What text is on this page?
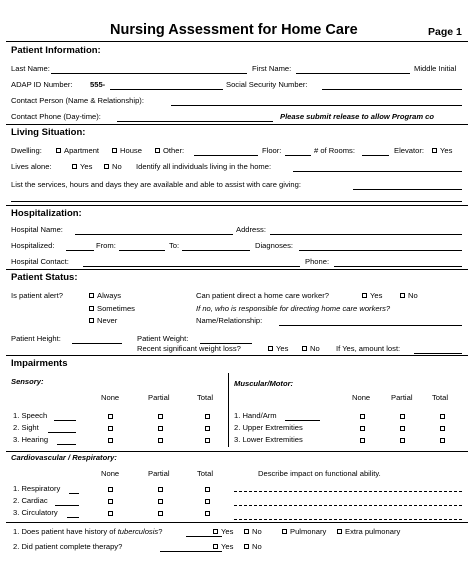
Nursing Assessment for Home Care	Page 1
Patient Information:
Last Name:	First Name:	Middle Initial
ADAP ID Number: 555-	Social Security Number:
Contact Person (Name & Relationship):
Contact Phone (Day-time):	Please submit release to allow Program co
Living Situation:
Dwelling:	Apartment	House	Other:	Floor:	# of Rooms:	Elevator:	Yes
Lives alone:	Yes	No Identify all individuals living in the home:
List the services, hours and days they are available and able to assist with care giving:
Hospitalization:
Hospital Name:	Address:
Hospitalized:	From:	To:	Diagnoses:
Hospital Contact:	Phone:
Patient Status:
Is patient alert?	Always
Sometimes
Never
Can patient direct a home care worker?	Yes	No
If no, who is responsible for directing home care workers?
Name/Relationship:
Patient Height:	Patient Weight:
Recent significant weight loss?	Yes	No If Yes, amount lost:
Impairments
Sensory:	Muscular/Motor:
None	Partial	Total	None	Partial	Total
1. Speech
2. Sight
3. Hearing
1. Hand/Arm
2. Upper Extremities
3. Lower Extremities
Cardiovascular / Respiratory:
None	Partial	Total	Describe impact on functional ability.
1. Respiratory
2. Cardiac
3. Circulatory
1. Does patient have history of tuberculosis?	Yes	No	Pulmonary	Extra pulmonary
2. Did patient complete therapy?	Yes	No
